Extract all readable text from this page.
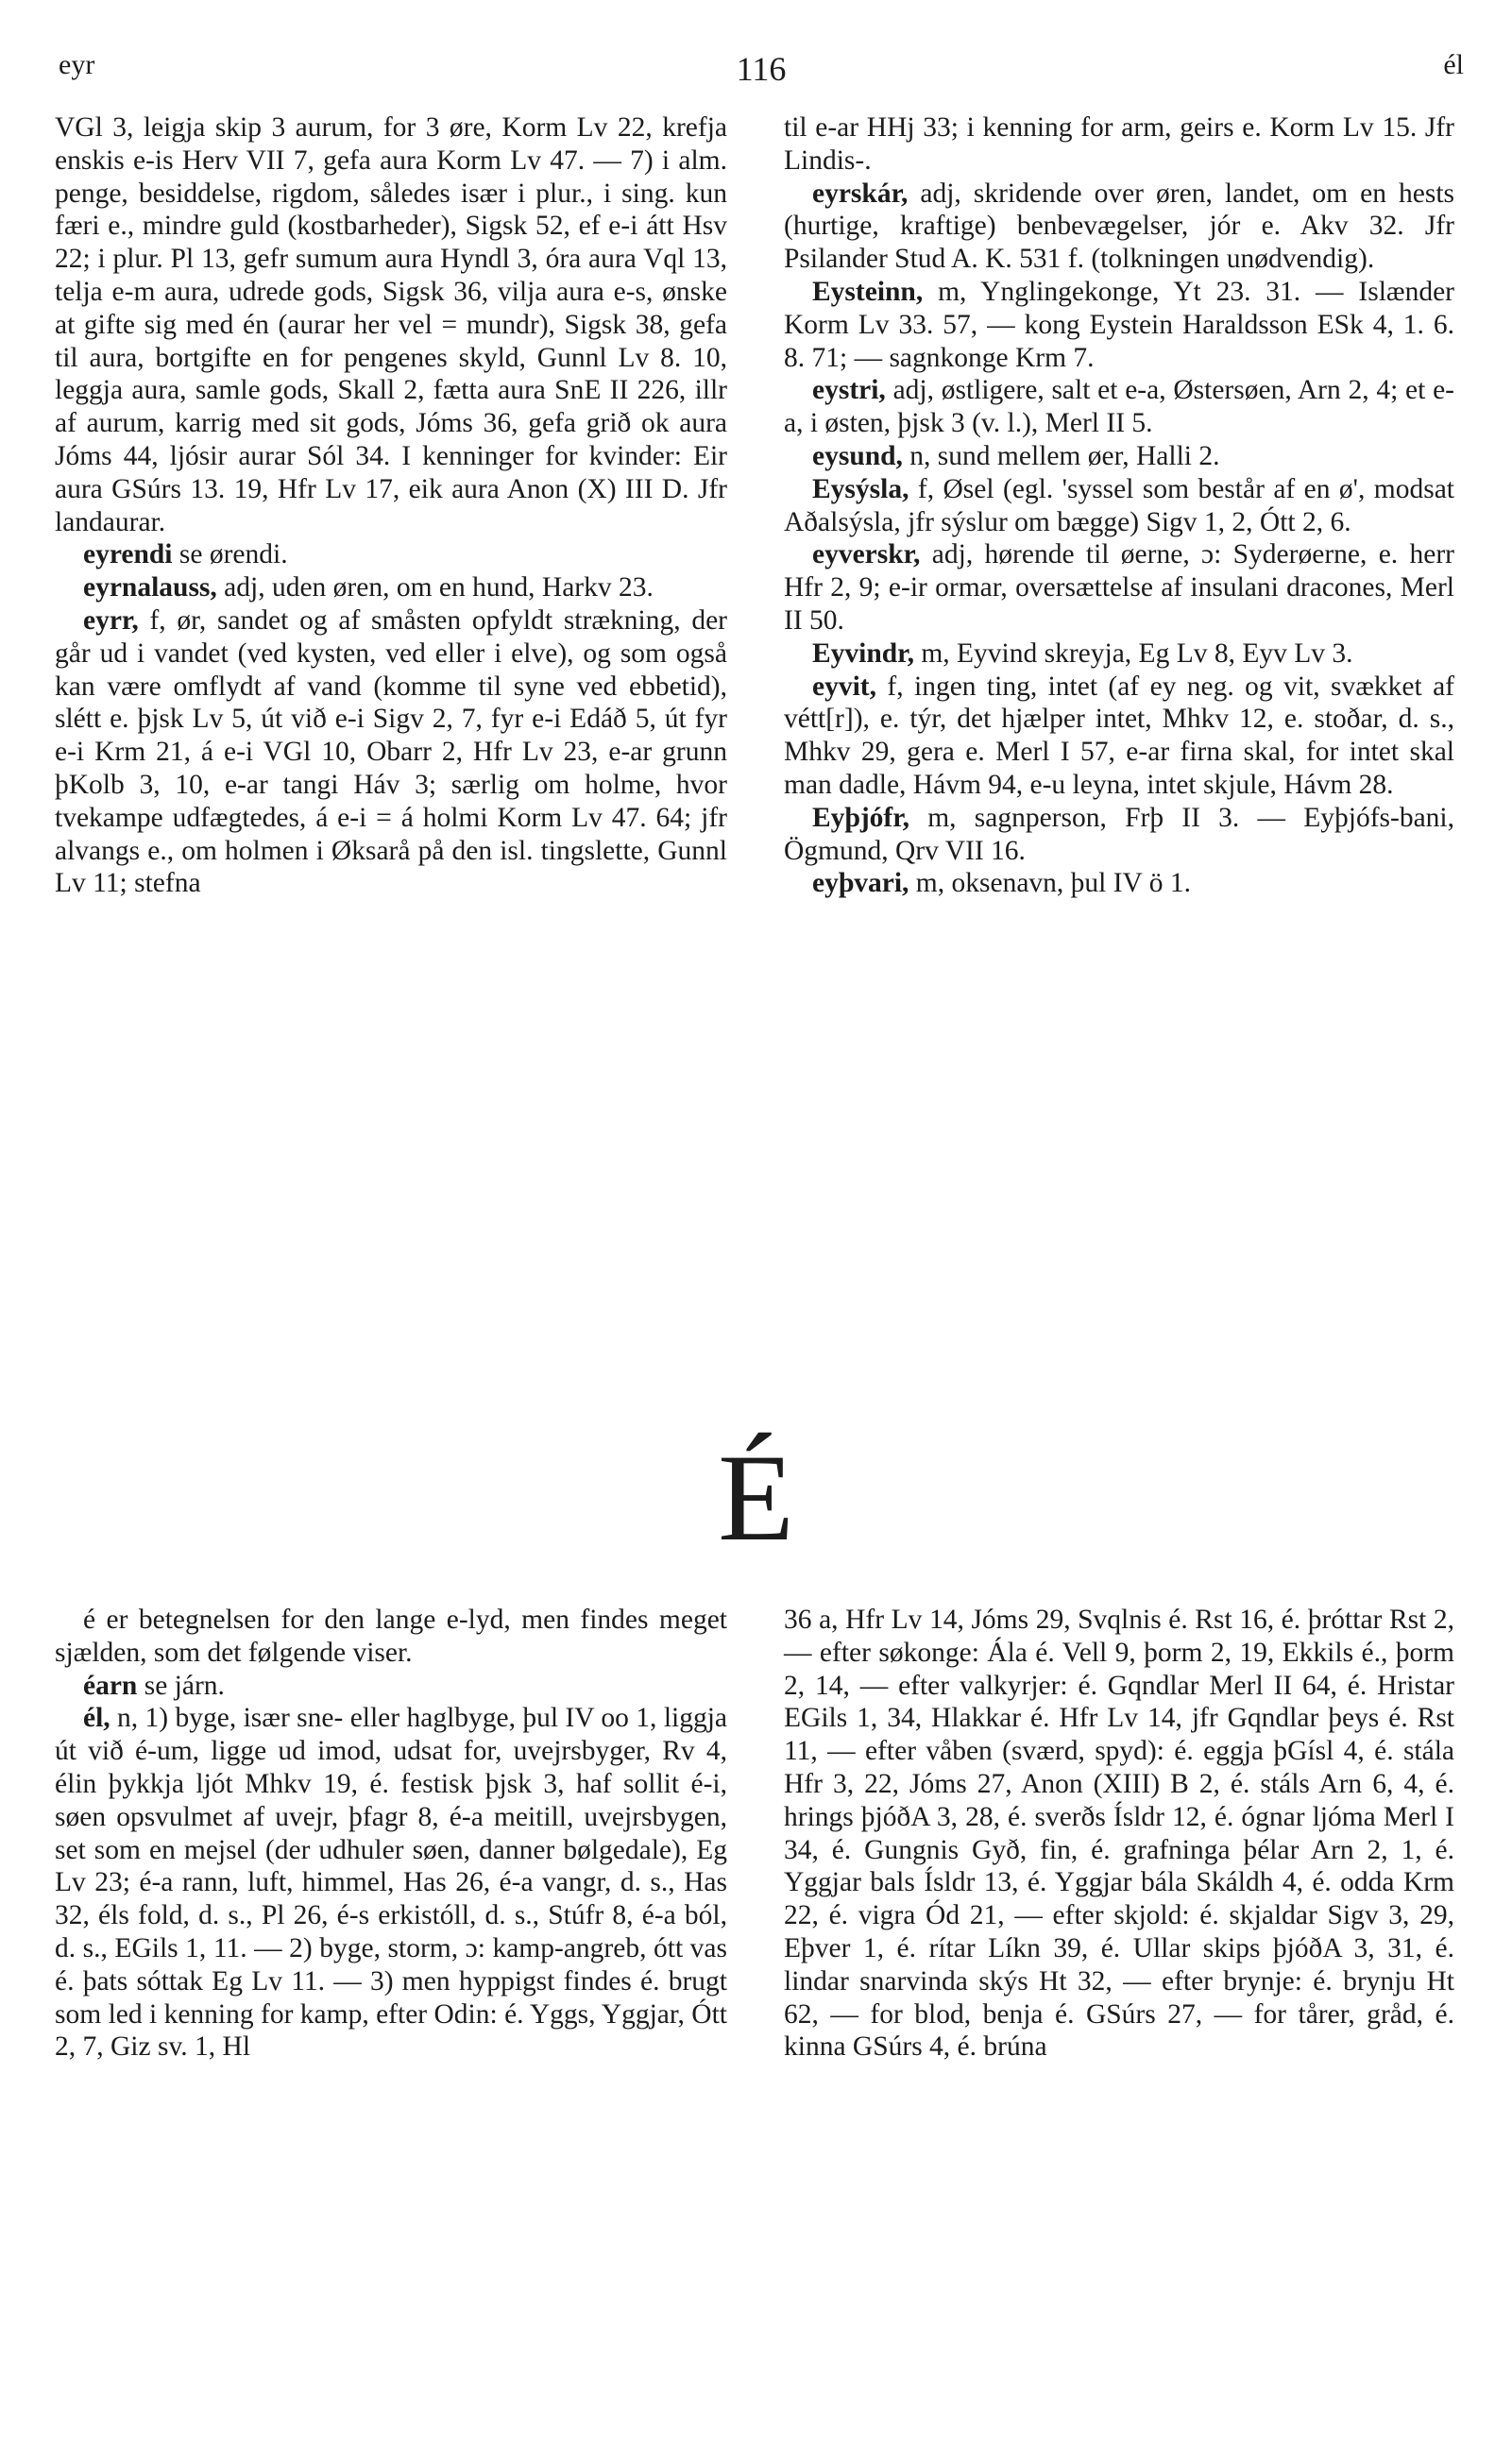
eyr	116	él

VGl 3, leigja skip 3 aurum, for 3 øre, Korm Lv 22, krefja enskis e-is Herv VII 7, gefa aura Korm Lv 47. — 7) i alm. penge, besiddelse, rigdom, således især i plur., i sing. kun færi e., mindre guld (kostbarheder), Sigsk 52, ef e-i átt Hsv 22; i plur. Pl 13, gefr sumum aura Hyndl 3, óra aura Vql 13, telja e-m aura, udrede gods, Sigsk 36, vilja aura e-s, ønske at gifte sig med én (aurar her vel = mundr), Sigsk 38, gefa til aura, bortgifte en for pengenes skyld, Gunnl Lv 8. 10, leggja aura, samle gods, Skall 2, fætta aura SnE II 226, illr af aurum, karrig med sit gods, Jóms 36, gefa grið ok aura Jóms 44, ljósir aurar Sól 34. I kenninger for kvinder: Eir aura GSúrs 13. 19, Hfr Lv 17, eik aura Anon (X) III D. Jfr landaurar.

eyrendi se ørendi.

eyrnalauss, adj, uden øren, om en hund, Harkv 23.

eyrr, f, ør, sandet og af småsten opfyldt strækning, der går ud i vandet (ved kysten, ved eller i elve), og som også kan være omflydt af vand (komme til syne ved ebbetid), slétt e. þjsk Lv 5, út við e-i Sigv 2, 7, fyr e-i Edáð 5, út fyr e-i Krm 21, á e-i VGl 10, Obarr 2, Hfr Lv 23, e-ar grunn þKolb 3, 10, e-ar tangi Háv 3; særlig om holme, hvor tvekampe udfægtedes, á e-i = á holmi Korm Lv 47. 64; jfr alvangs e., om holmen i Øksarå på den isl. tingslette, Gunnl Lv 11; stefna

til e-ar HHj 33; i kenning for arm, geirs e. Korm Lv 15. Jfr Lindis-.

eyrskár, adj, skridende over øren, landet, om en hests (hurtige, kraftige) benbevægelser, jór e. Akv 32. Jfr Psilander Stud A. K. 531 f. (tolkningen unødvendig).

Eysteinn, m, Ynglingekonge, Yt 23. 31. — Islænder Korm Lv 33. 57, — kong Eystein Haraldsson ESk 4, 1. 6. 8. 71; — sagnkonge Krm 7.

eystri, adj, østligere, salt et e-a, Østersøen, Arn 2, 4; et e-a, i østen, þjsk 3 (v. l.), Merl II 5.

eysund, n, sund mellem øer, Halli 2.

Eysýsla, f, Øsel (egl. 'syssel som består af en ø', modsat Aðalsýsla, jfr sýslur om bægge) Sigv 1, 2, Ótt 2, 6.

eyverskr, adj, hørende til øerne, ɔ: Syderøerne, e. herr Hfr 2, 9; e-ir ormar, oversættelse af insulani dracones, Merl II 50.

Eyvindr, m, Eyvind skreyja, Eg Lv 8, Eyv Lv 3.

eyvit, f, ingen ting, intet (af ey neg. og vit, svækket af vétt[r]), e. týr, det hjælper intet, Mhkv 12, e. stoðar, d. s., Mhkv 29, gera e. Merl I 57, e-ar firna skal, for intet skal man dadle, Hávm 94, e-u leyna, intet skjule, Hávm 28.

Eyþjófr, m, sagnperson, Frþ II 3. — Eyþjófs-bani, Ögmund, Qrv VII 16.

eyþvari, m, oksenavn, þul IV ö 1.

É

é er betegnelsen for den lange e-lyd, men findes meget sjælden, som det følgende viser.

éarn se járn.

él, n, 1) byge, især sne- eller haglbyge, þul IV oo 1, liggja út við é-um, ligge ud imod, udsat for, uvejrsbyger, Rv 4, élin þykkja ljót Mhkv 19, é. festisk þjsk 3, haf sollit é-i, søen opsvulmet af uvejr, þfagr 8, é-a meitill, uvejrsbygen, set som en mejsel (der udhuler søen, danner bølgedale), Eg Lv 23; é-a rann, luft, himmel, Has 26, é-a vangr, d. s., Has 32, éls fold, d. s., Pl 26, é-s erkistóll, d. s., Stúfr 8, é-a ból, d. s., EGils 1, 11. — 2) byge, storm, ɔ: kamp-angreb, ótt vas é. þats sóttak Eg Lv 11. — 3) men hyppigst findes é. brugt som led i kenning for kamp, efter Odin: é. Yggs, Yggjar, Ótt 2, 7, Giz sv. 1, Hl

36 a, Hfr Lv 14, Jóms 29, Svqlnis é. Rst 16, é. þróttar Rst 2, — efter søkonge: Ála é. Vell 9, þorm 2, 19, Ekkils é., þorm 2, 14, — efter valkyrjer: é. Gqndlar Merl II 64, é. Hristar EGils 1, 34, Hlakkar é. Hfr Lv 14, jfr Gqndlar þeys é. Rst 11, — efter våben (sværd, spyd): é. eggja þGísl 4, é. stála Hfr 3, 22, Jóms 27, Anon (XIII) B 2, é. stáls Arn 6, 4, é. hrings þjóðA 3, 28, é. sverðs Ísldr 12, é. ógnar ljóma Merl I 34, é. Gungnis Gyð, fin, é. grafninga þélar Arn 2, 1, é. Yggjar bals Ísldr 13, é. Yggjar bála Skáldh 4, é. odda Krm 22, é. vigra Ód 21, — efter skjold: é. skjaldar Sigv 3, 29, Eþver 1, é. rítar Líkn 39, é. Ullar skips þjóðA 3, 31, é. lindar snarvinda skýs Ht 32, — efter brynje: é. brynju Ht 62, — for blod, benja é. GSúrs 27, — for tårer, gråd, é. kinna GSúrs 4, é. brúna
